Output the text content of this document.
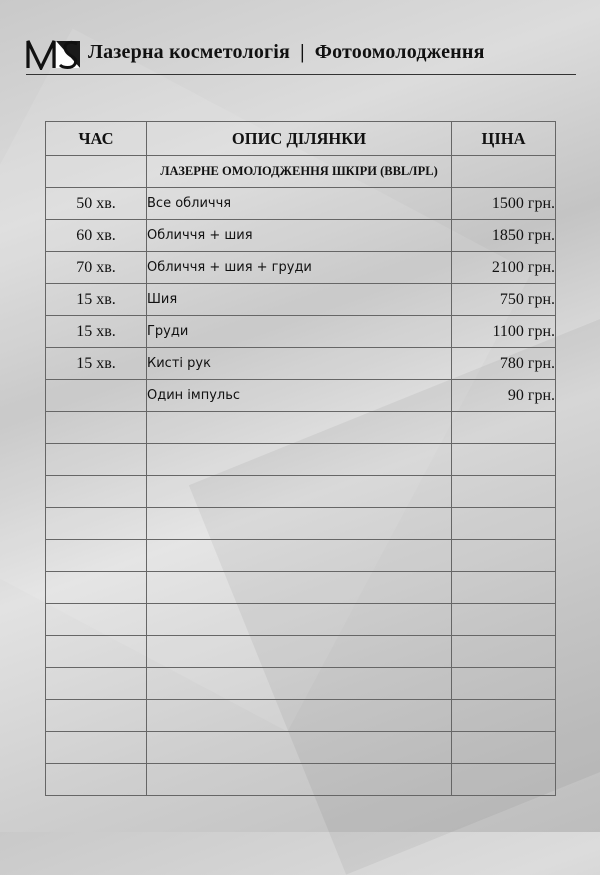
Лазерна косметологія | Фотоомолодження
ЧАС	ОПИС ДІЛЯНКИ	ЦІНА
	ЛАЗЕРНЕ ОМОЛОДЖЕННЯ ШКІРИ (BBL/IPL)	
50 хв.	Все обличчя	1500 грн.
60 хв.	Обличчя + шия	1850 грн.
70 хв.	Обличчя + шия + груди	2100 грн.
15 хв.	Шия	750 грн.
15 хв.	Груди	1100 грн.
15 хв.	Кисті рук	780 грн.
	Один імпульс	90 грн.
